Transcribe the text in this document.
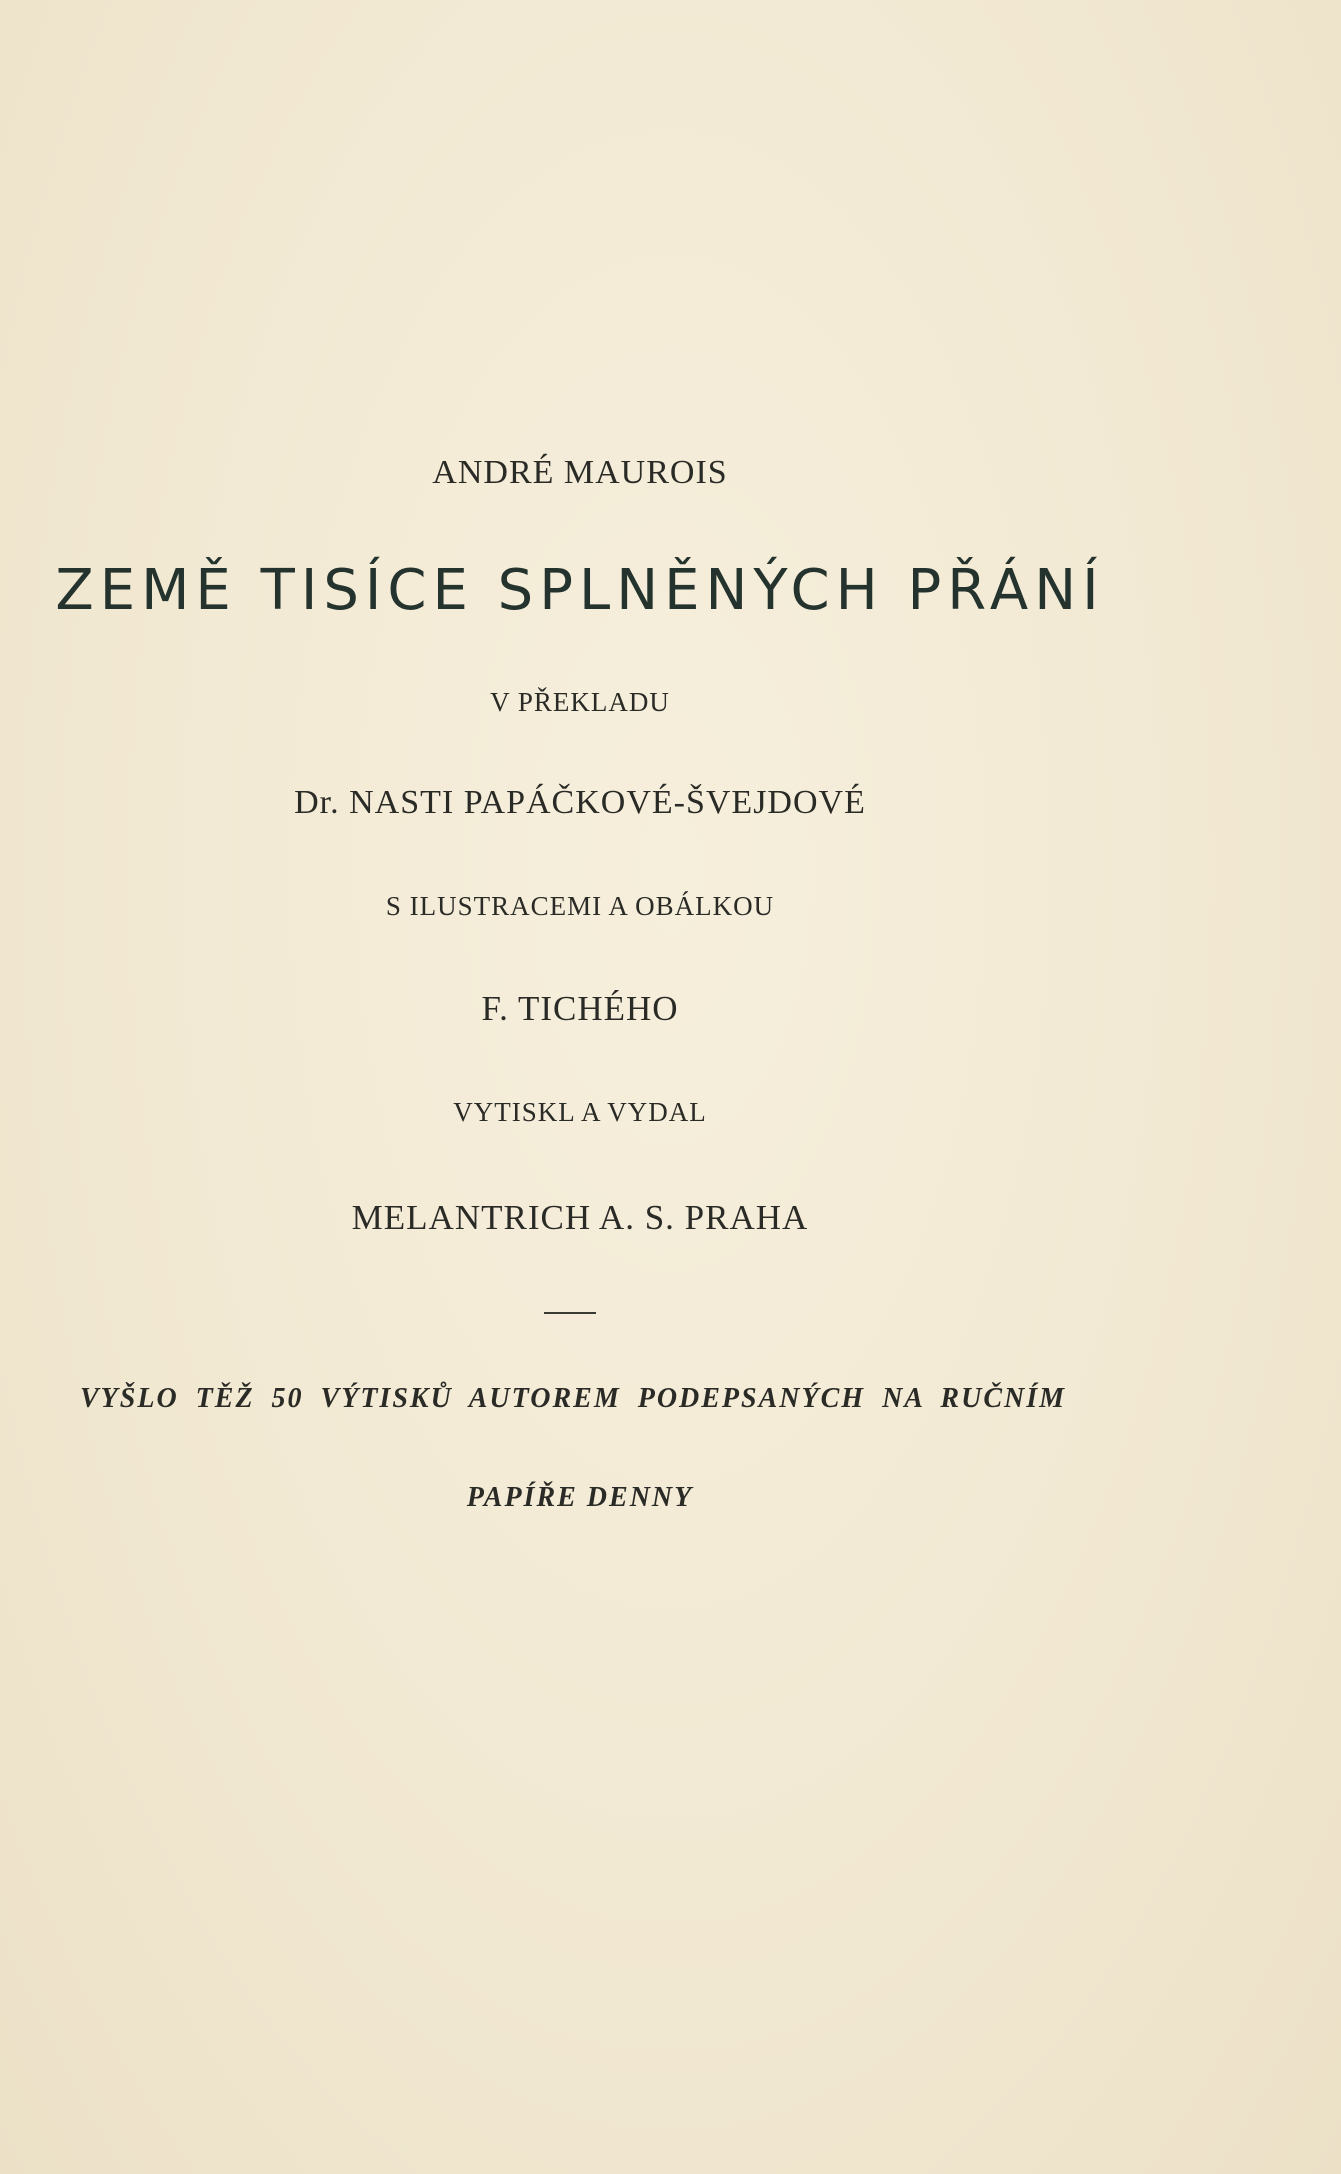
ANDRÉ MAUROIS
ZEMĚ TISÍCE SPLNĚNÝCH PŘÁNÍ
V PŘEKLADU
Dr. NASTI PAPÁČKOVÉ-ŠVEJDOVÉ
S ILUSTRACEMI A OBÁLKOU
F. TICHÉHO
VYTISKL A VYDAL
MELANTRICH A. S. PRAHA
VYŠLO TĚŽ 50 VÝTISKŮ AUTOREM PODEPSANÝCH NA RUČNÍM
PAPÍŘE DENNY
